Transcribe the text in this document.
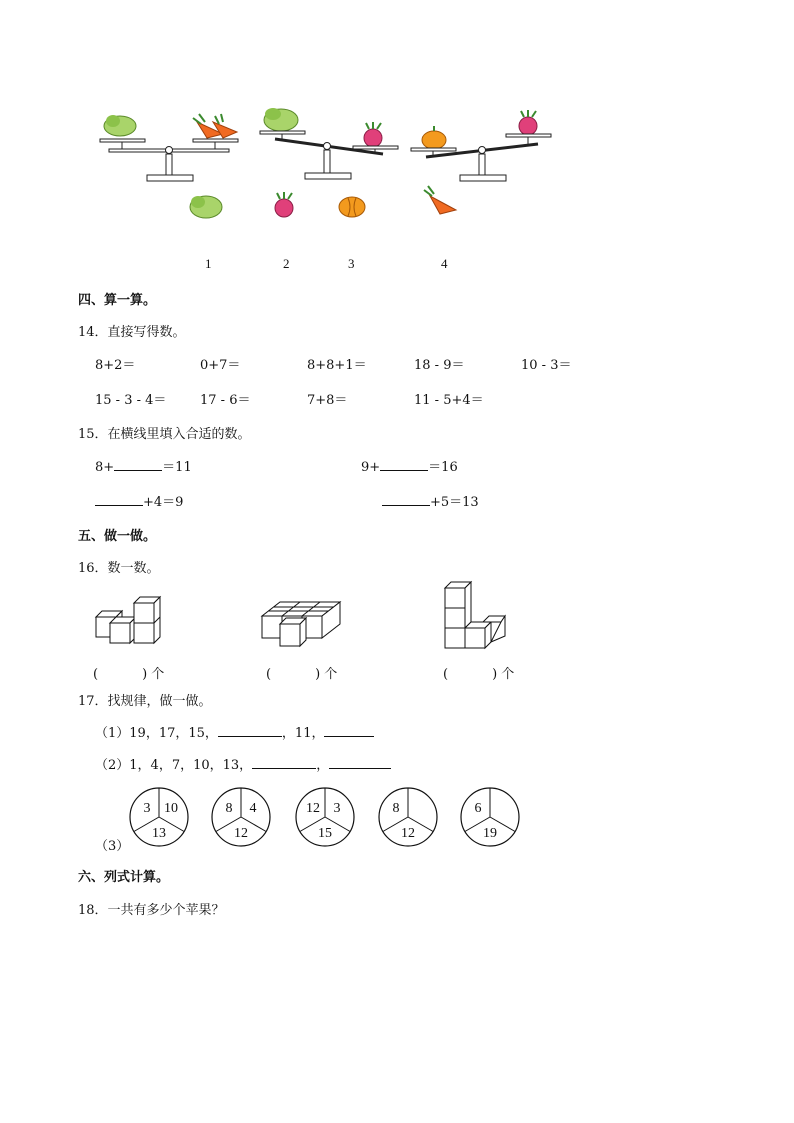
1	2	3	4
四、算一算。
14．直接写得数。
8+2＝	0+7＝	8+8+1＝	18 - 9＝	10 - 3＝
15 - 3 - 4＝	17 - 6＝	7+8＝	11 - 5+4＝
15．在横线里填入合适的数。
8+	＝11	9+	＝16
+4＝9	+5＝13
五、做一做。
16．数一数。
(	) 个	(	) 个	(	) 个
17．找规律，做一做。
（1）19，17，15，	，11，
（2）1，4，7，10，13，	，
（3）
3 10
13
8 4
12
12 3
15
8
12
6
19
六、列式计算。
18．一共有多少个苹果？
